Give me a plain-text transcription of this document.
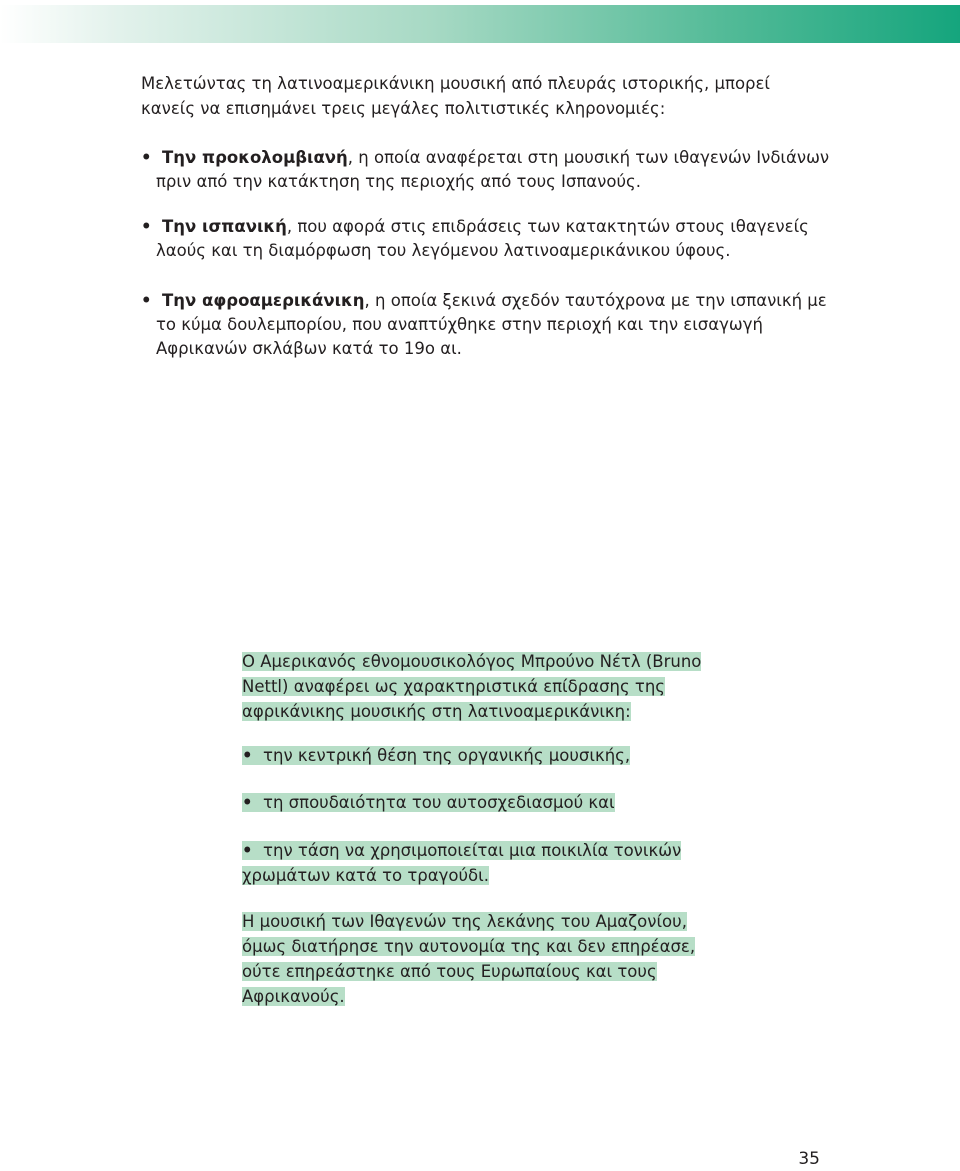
Μελετώντας τη λατινοαμερικάνικη μουσική από πλευράς ιστορικής, μπορεί κανείς να επισημάνει τρεις μεγάλες πολιτιστικές κληρονομιές:

• Την προκολομβιανή, η οποία αναφέρεται στη μουσική των ιθαγενών Ινδιάνων πριν από την κατάκτηση της περιοχής από τους Ισπανούς.

• Την ισπανική, που αφορά στις επιδράσεις των κατακτητών στους ιθαγενείς λαούς και τη διαμόρφωση του λεγόμενου λατινοαμερικάνικου ύφους.

• Την αφροαμερικάνικη, η οποία ξεκινά σχεδόν ταυτόχρονα με την ισπανική με το κύμα δουλεμπορίου, που αναπτύχθηκε στην περιοχή και την εισαγωγή Αφρικανών σκλάβων κατά το 19ο αι.

Ο Αμερικανός εθνομουσικολόγος Μπρούνο Νέτλ (Bruno Nettl) αναφέρει ως χαρακτηριστικά επίδρασης της αφρικάνικης μουσικής στη λατινοαμερικάνικη:

• την κεντρική θέση της οργανικής μουσικής,

• τη σπουδαιότητα του αυτοσχεδιασμού και

• την τάση να χρησιμοποιείται μια ποικιλία τονικών χρωμάτων κατά το τραγούδι.

Η μουσική των Ιθαγενών της λεκάνης του Αμαζονίου, όμως διατήρησε την αυτονομία της και δεν επηρέασε, ούτε επηρεάστηκε από τους Ευρωπαίους και τους Αφρικανούς.

35
